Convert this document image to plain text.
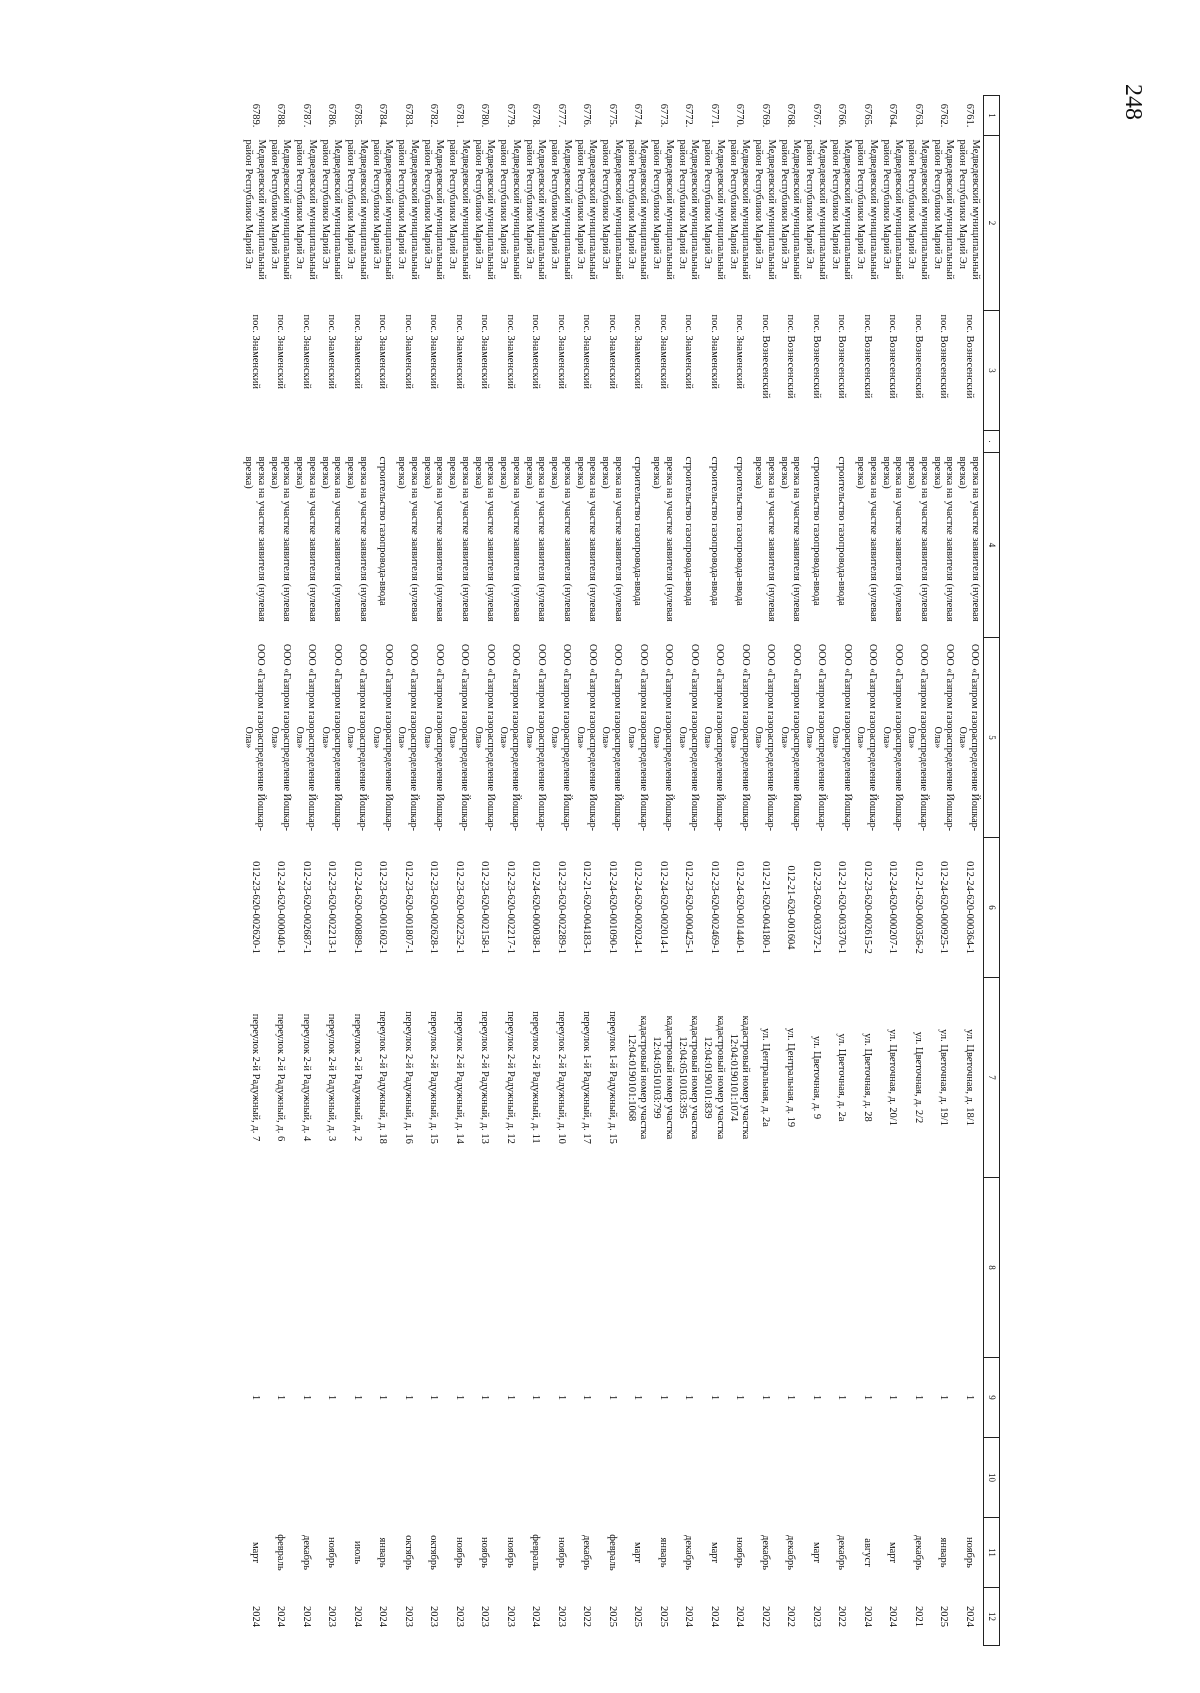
248
1	2	3	.	4	5	6	7	8	9	10	11	12
6761.	Медведевский муниципальный район Республики Марий Эл	пос. Вознесенский		врезка на участке заявителя (нулевая врезка)	ООО «Газпром газораспределение Йошкар-Ола»	012-24-620-000364-1	ул. Цветочная, д. 18/1		1		ноябрь	2024
6762.	Медведевский муниципальный район Республики Марий Эл	пос. Вознесенский		врезка на участке заявителя (нулевая врезка)	ООО «Газпром газораспределение Йошкар-Ола»	012-24-620-000925-1	ул. Цветочная, д. 19/1		1		январь	2025
6763.	Медведевский муниципальный район Республики Марий Эл	пос. Вознесенский		врезка на участке заявителя (нулевая врезка)	ООО «Газпром газораспределение Йошкар-Ола»	012-21-620-000356-2	ул. Цветочная, д. 2/2		1		декабрь	2021
6764.	Медведевский муниципальный район Республики Марий Эл	пос. Вознесенский		врезка на участке заявителя (нулевая врезка)	ООО «Газпром газораспределение Йошкар-Ола»	012-24-620-000207-1	ул. Цветочная, д. 20/1		1		март	2024
6765.	Медведевский муниципальный район Республики Марий Эл	пос. Вознесенский		врезка на участке заявителя (нулевая врезка)	ООО «Газпром газораспределение Йошкар-Ола»	012-23-620-002615-2	ул. Цветочная, д. 28		1		август	2024
6766.	Медведевский муниципальный район Республики Марий Эл	пос. Вознесенский		строительство газопровода-ввода	ООО «Газпром газораспределение Йошкар-Ола»	012-21-620-003370-1	ул. Цветочная, д. 2а		1		декабрь	2022
6767.	Медведевский муниципальный район Республики Марий Эл	пос. Вознесенский		строительство газопровода-ввода	ООО «Газпром газораспределение Йошкар-Ола»	012-23-620-003372-1	ул. Цветочная, д. 9		1		март	2023
6768.	Медведевский муниципальный район Республики Марий Эл	пос. Вознесенский		врезка на участке заявителя (нулевая врезка)	ООО «Газпром газораспределение Йошкар-Ола»	012-21-620-001604	ул. Центральная, д. 19		1		декабрь	2022
6769.	Медведевский муниципальный район Республики Марий Эл	пос. Вознесенский		врезка на участке заявителя (нулевая врезка)	ООО «Газпром газораспределение Йошкар-Ола»	012-21-620-004180-1	ул. Центральная, д. 2а		1		декабрь	2022
6770.	Медведевский муниципальный район Республики Марий Эл	пос. Знаменский		строительство газопровода-ввода	ООО «Газпром газораспределение Йошкар-Ола»	012-24-620-001440-1	кадастровый номер участка 12:04:0190101:1074		1		ноябрь	2024
6771.	Медведевский муниципальный район Республики Марий Эл	пос. Знаменский		строительство газопровода-ввода	ООО «Газпром газораспределение Йошкар-Ола»	012-23-620-002469-1	кадастровый номер участка 12:04:0190101:839		1		март	2024
6772.	Медведевский муниципальный район Республики Марий Эл	пос. Знаменский		строительство газопровода-ввода	ООО «Газпром газораспределение Йошкар-Ола»	012-23-620-000425-1	кадастровый номер участка 12:04:0510103:395		1		декабрь	2024
6773.	Медведевский муниципальный район Республики Марий Эл	пос. Знаменский		врезка на участке заявителя (нулевая врезка)	ООО «Газпром газораспределение Йошкар-Ола»	012-24-620-002014-1	кадастровый номер участка 12:04:0510103:799		1		январь	2025
6774.	Медведевский муниципальный район Республики Марий Эл	пос. Знаменский		строительство газопровода-ввода	ООО «Газпром газораспределение Йошкар-Ола»	012-24-620-002024-1	кадастровый номер участка 12:04:0190101:1068		1		март	2025
6775.	Медведевский муниципальный район Республики Марий Эл	пос. Знаменский		врезка на участке заявителя (нулевая врезка)	ООО «Газпром газораспределение Йошкар-Ола»	012-24-620-001090-1	переулок 1-й Радужный, д. 15		1		февраль	2025
6776.	Медведевский муниципальный район Республики Марий Эл	пос. Знаменский		врезка на участке заявителя (нулевая врезка)	ООО «Газпром газораспределение Йошкар-Ола»	012-21-620-004183-1	переулок 1-й Радужный, д. 17		1		декабрь	2022
6777.	Медведевский муниципальный район Республики Марий Эл	пос. Знаменский		врезка на участке заявителя (нулевая врезка)	ООО «Газпром газораспределение Йошкар-Ола»	012-23-620-002289-1	переулок 2-й Радужный, д. 10		1		ноябрь	2023
6778.	Медведевский муниципальный район Республики Марий Эл	пос. Знаменский		врезка на участке заявителя (нулевая врезка)	ООО «Газпром газораспределение Йошкар-Ола»	012-24-620-000038-1	переулок 2-й Радужный, д. 11		1		февраль	2024
6779.	Медведевский муниципальный район Республики Марий Эл	пос. Знаменский		врезка на участке заявителя (нулевая врезка)	ООО «Газпром газораспределение Йошкар-Ола»	012-23-620-002217-1	переулок 2-й Радужный, д. 12		1		ноябрь	2023
6780.	Медведевский муниципальный район Республики Марий Эл	пос. Знаменский		врезка на участке заявителя (нулевая врезка)	ООО «Газпром газораспределение Йошкар-Ола»	012-23-620-002158-1	переулок 2-й Радужный, д. 13		1		ноябрь	2023
6781.	Медведевский муниципальный район Республики Марий Эл	пос. Знаменский		врезка на участке заявителя (нулевая врезка)	ООО «Газпром газораспределение Йошкар-Ола»	012-23-620-002252-1	переулок 2-й Радужный, д. 14		1		ноябрь	2023
6782.	Медведевский муниципальный район Республики Марий Эл	пос. Знаменский		врезка на участке заявителя (нулевая врезка)	ООО «Газпром газораспределение Йошкар-Ола»	012-23-620-002628-1	переулок 2-й Радужный, д. 15		1		октябрь	2023
6783.	Медведевский муниципальный район Республики Марий Эл	пос. Знаменский		врезка на участке заявителя (нулевая врезка)	ООО «Газпром газораспределение Йошкар-Ола»	012-23-620-001807-1	переулок 2-й Радужный, д. 16		1		октябрь	2023
6784.	Медведевский муниципальный район Республики Марий Эл	пос. Знаменский		строительство газопровода-ввода	ООО «Газпром газораспределение Йошкар-Ола»	012-23-620-001602-1	переулок 2-й Радужный, д. 18		1		январь	2024
6785.	Медведевский муниципальный район Республики Марий Эл	пос. Знаменский		врезка на участке заявителя (нулевая врезка)	ООО «Газпром газораспределение Йошкар-Ола»	012-24-620-000889-1	переулок 2-й Радужный, д. 2		1		июль	2024
6786.	Медведевский муниципальный район Республики Марий Эл	пос. Знаменский		врезка на участке заявителя (нулевая врезка)	ООО «Газпром газораспределение Йошкар-Ола»	012-23-620-002213-1	переулок 2-й Радужный, д. 3		1		ноябрь	2023
6787.	Медведевский муниципальный район Республики Марий Эл	пос. Знаменский		врезка на участке заявителя (нулевая врезка)	ООО «Газпром газораспределение Йошкар-Ола»	012-23-620-002687-1	переулок 2-й Радужный, д. 4		1		декабрь	2024
6788.	Медведевский муниципальный район Республики Марий Эл	пос. Знаменский		врезка на участке заявителя (нулевая врезка)	ООО «Газпром газораспределение Йошкар-Ола»	012-24-620-000040-1	переулок 2-й Радужный, д. 6		1		февраль	2024
6789.	Медведевский муниципальный район Республики Марий Эл	пос. Знаменский		врезка на участке заявителя (нулевая врезка)	ООО «Газпром газораспределение Йошкар-Ола»	012-23-620-002620-1	переулок 2-й Радужный, д. 7		1		март	2024
